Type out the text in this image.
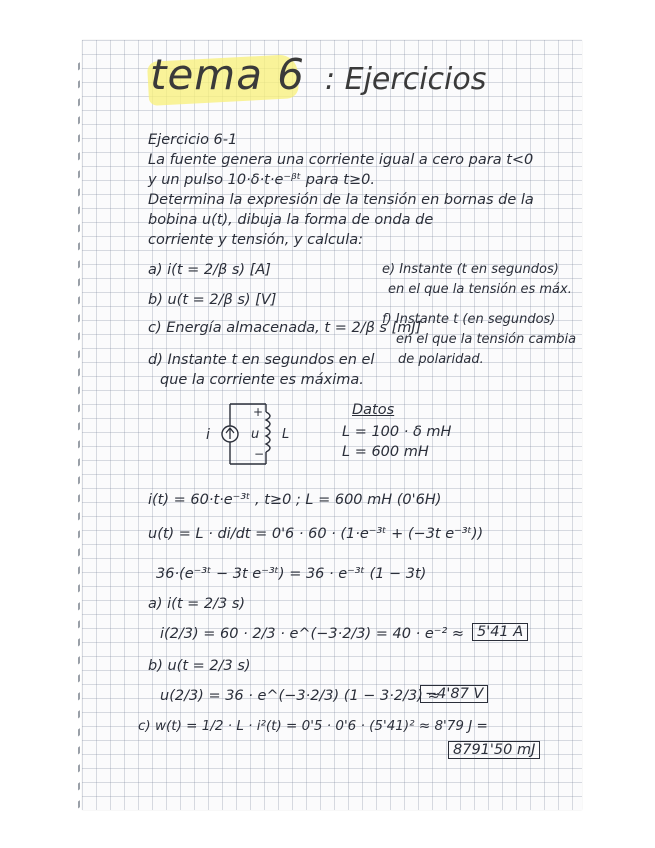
tema 6 : Ejercicios
Ejercicio 6-1
La fuente genera una corriente igual a cero para t<0
y un pulso 10·δ·t·e⁻ᵝᵗ para t≥0.
Determina la expresión de la tensión en bornas de la
bobina u(t), dibuja la forma de onda de
corriente y tensión, y calcula:
a) i(t = 2/β s) [A]
b) u(t = 2/β s) [V]
c) Energía almacenada, t = 2/β s [mJ]
d) Instante t en segundos en el
que la corriente es máxima.
e) Instante (t en segundos)
en el que la tensión es máx.
f) Instante t (en segundos)
en el que la tensión cambia
de polaridad.
i
+
u
−
L
Datos
L = 100 · δ mH
L = 600 mH
i(t) = 60·t·e⁻³ᵗ , t≥0 ; L = 600 mH (0'6H)
u(t) = L · di/dt = 0'6 · 60 · (1·e⁻³ᵗ + (−3t e⁻³ᵗ))
36·(e⁻³ᵗ − 3t e⁻³ᵗ) = 36 · e⁻³ᵗ (1 − 3t)
a) i(t = 2/3 s)
i(2/3) = 60 · 2/3 · e^(−3·2/3) = 40 · e⁻² ≈ 5'41 A
b) u(t = 2/3 s)
u(2/3) = 36 · e^(−3·2/3) (1 − 3·2/3) ≈
−4'87 V
c) w(t) = 1/2 · L · i²(t) = 0'5 · 0'6 · (5'41)² ≈ 8'79 J =
8791'50 mJ
